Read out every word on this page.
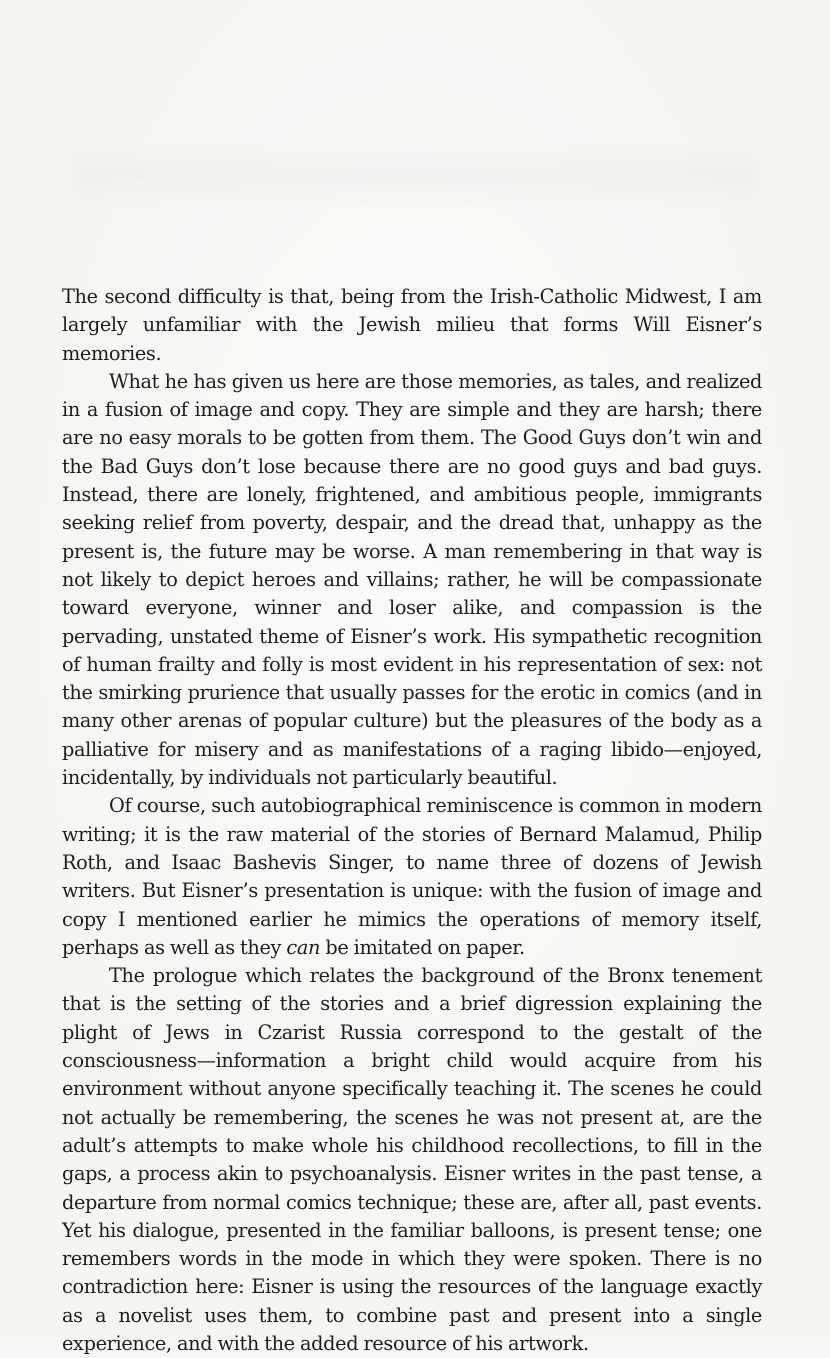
The second difficulty is that, being from the Irish-Catholic Midwest, I am largely unfamiliar with the Jewish milieu that forms Will Eisner’s memories.

What he has given us here are those memories, as tales, and realized in a fusion of image and copy. They are simple and they are harsh; there are no easy morals to be gotten from them. The Good Guys don’t win and the Bad Guys don’t lose because there are no good guys and bad guys. Instead, there are lonely, frightened, and ambitious people, immigrants seeking relief from poverty, despair, and the dread that, unhappy as the present is, the future may be worse. A man remembering in that way is not likely to depict heroes and villains; rather, he will be compassionate toward everyone, winner and loser alike, and compassion is the pervading, unstated theme of Eisner’s work. His sympathetic recognition of human frailty and folly is most evident in his representation of sex: not the smirking prurience that usually passes for the erotic in comics (and in many other arenas of popular culture) but the pleasures of the body as a palliative for misery and as manifestations of a raging libido—enjoyed, incidentally, by individuals not particularly beautiful.

Of course, such autobiographical reminiscence is common in modern writing; it is the raw material of the stories of Bernard Malamud, Philip Roth, and Isaac Bashevis Singer, to name three of dozens of Jewish writers. But Eisner’s presentation is unique: with the fusion of image and copy I mentioned earlier he mimics the operations of memory itself, perhaps as well as they can be imitated on paper.

The prologue which relates the background of the Bronx tenement that is the setting of the stories and a brief digression explaining the plight of Jews in Czarist Russia correspond to the gestalt of the consciousness—information a bright child would acquire from his environment without anyone specifically teaching it. The scenes he could not actually be remembering, the scenes he was not present at, are the adult’s attempts to make whole his childhood recollections, to fill in the gaps, a process akin to psychoanalysis. Eisner writes in the past tense, a departure from normal comics technique; these are, after all, past events. Yet his dialogue, presented in the familiar balloons, is present tense; one remembers words in the mode in which they were spoken. There is no contradiction here: Eisner is using the resources of the language exactly as a novelist uses them, to combine past and present into a single experience, and with the added resource of his artwork.
